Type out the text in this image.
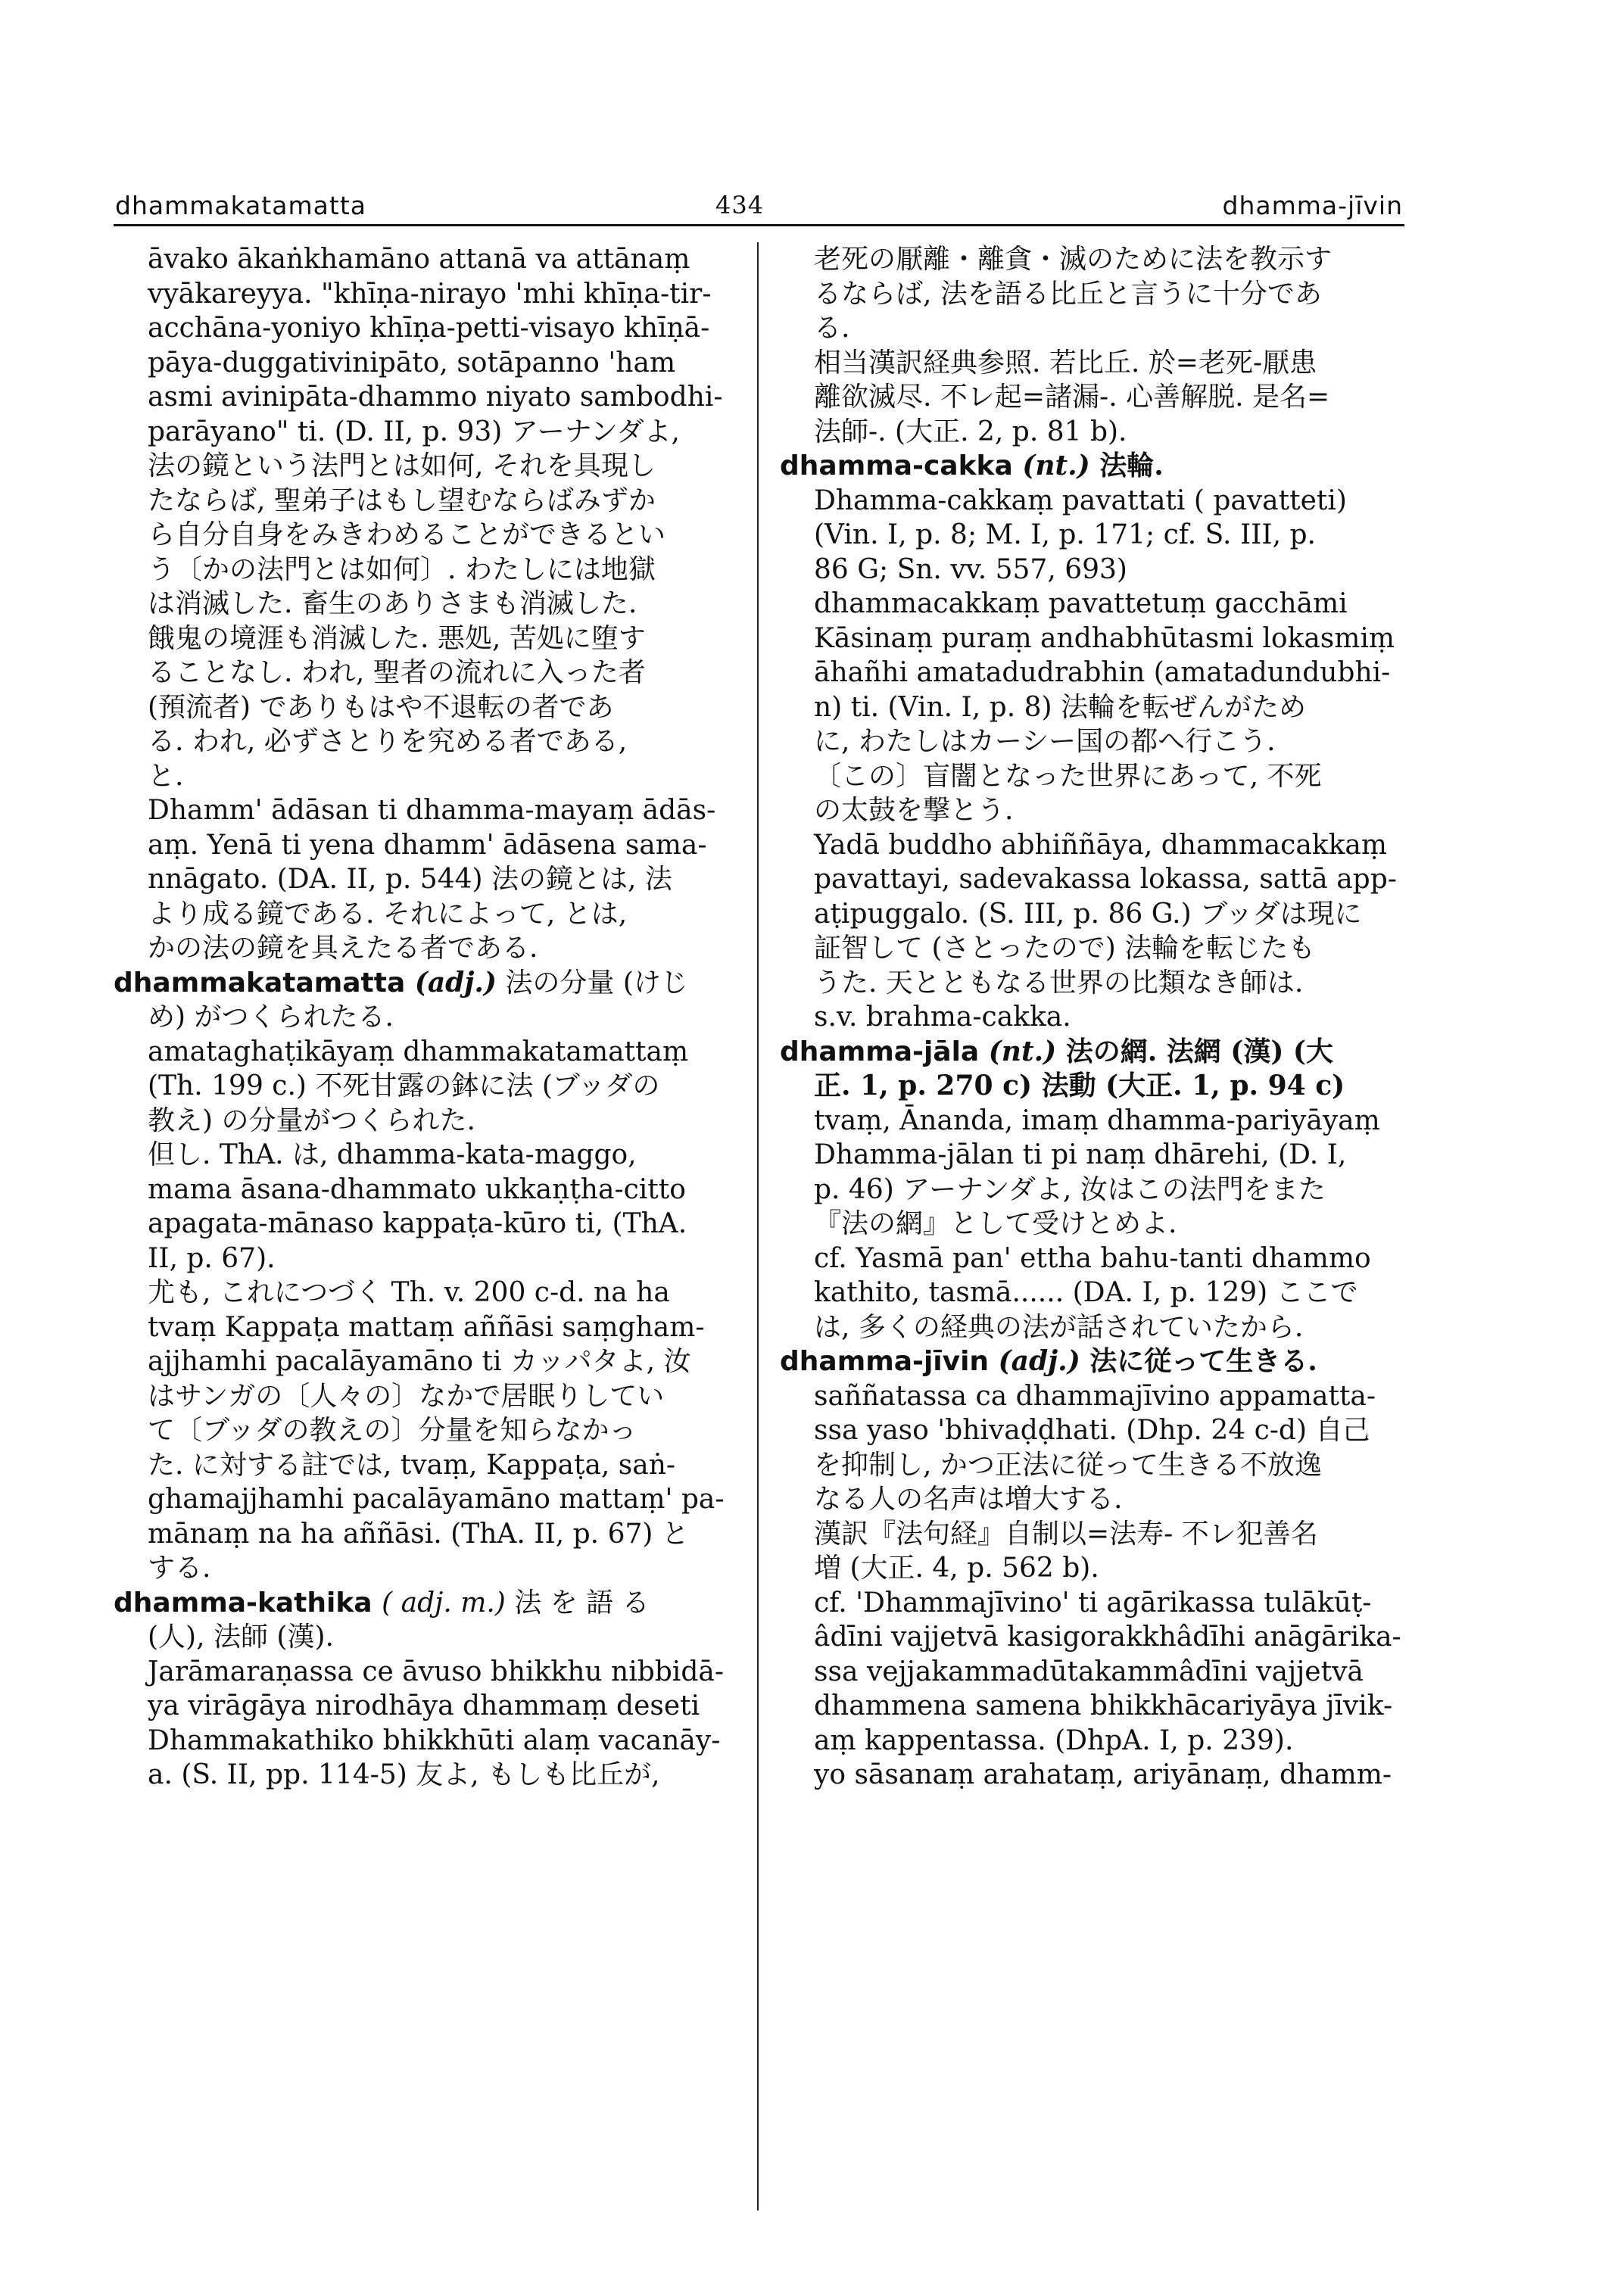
dhammakatamatta	434	dhamma-jīvin
āvako ākaṅkhamāno attanā va attānaṃ
vyākareyya. "khīṇa-nirayo 'mhi khīṇa-tir-
acchāna-yoniyo khīṇa-petti-visayo khīṇā-
pāya-duggativinipāto, sotāpanno 'ham
asmi avinipāta-dhammo niyato sambodhi-
parāyano" ti. (D. II, p. 93) アーナンダよ,
法の鏡という法門とは如何, それを具現し
たならば, 聖弟子はもし望むならばみずか
ら自分自身をみきわめることができるとい
う〔かの法門とは如何〕. わたしには地獄
は消滅した. 畜生のありさまも消滅した.
餓鬼の境涯も消滅した. 悪処, 苦処に堕す
ることなし. われ, 聖者の流れに入った者
(預流者) でありもはや不退転の者であ
る. われ, 必ずさとりを究める者である,
と.
Dhamm' ādāsan ti dhamma-mayaṃ ādās-
aṃ. Yenā ti yena dhamm' ādāsena sama-
nnāgato. (DA. II, p. 544) 法の鏡とは, 法
より成る鏡である. それによって, とは,
かの法の鏡を具えたる者である.
dhammakatamatta (adj.) 法の分量 (けじ
め) がつくられたる.
amataghaṭikāyaṃ dhammakatamattaṃ
(Th. 199 c.) 不死甘露の鉢に法 (ブッダの
教え) の分量がつくられた.
但し. ThA. は, dhamma-kata-maggo,
mama āsana-dhammato ukkaṇṭha-citto
apagata-mānaso kappaṭa-kūro ti, (ThA.
II, p. 67).
尤も, これにつづく Th. v. 200 c-d. na ha
tvaṃ Kappaṭa mattaṃ aññāsi saṃgham-
ajjhamhi pacalāyamāno ti カッパタよ, 汝
はサンガの〔人々の〕なかで居眠りしてい
て〔ブッダの教えの〕分量を知らなかっ
た. に対する註では, tvaṃ, Kappaṭa, saṅ-
ghamajjhamhi pacalāyamāno mattaṃ' pa-
mānaṃ na ha aññāsi. (ThA. II, p. 67) と
する.
dhamma-kathika ( adj. m.) 法 を 語 る
(人), 法師 (漢).
Jarāmaraṇassa ce āvuso bhikkhu nibbidā-
ya virāgāya nirodhāya dhammaṃ deseti
Dhammakathiko bhikkhūti alaṃ vacanāy-
a. (S. II, pp. 114-5) 友よ, もしも比丘が,
老死の厭離・離貪・滅のために法を教示す
るならば, 法を語る比丘と言うに十分であ
る.
相当漢訳経典参照. 若比丘. 於=老死-厭患
離欲滅尽. 不レ起=諸漏-. 心善解脱. 是名=
法師-. (大正. 2, p. 81 b).
dhamma-cakka (nt.) 法輪.
Dhamma-cakkaṃ pavattati ( pavatteti)
(Vin. I, p. 8; M. I, p. 171; cf. S. III, p.
86 G; Sn. vv. 557, 693)
dhammacakkaṃ pavattetuṃ gacchāmi
Kāsinaṃ puraṃ andhabhūtasmi lokasmiṃ
āhañhi amatadudrabhin (amatadundubhi-
n) ti. (Vin. I, p. 8) 法輪を転ぜんがため
に, わたしはカーシー国の都へ行こう.
〔この〕盲闇となった世界にあって, 不死
の太鼓を撃とう.
Yadā buddho abhiññāya, dhammacakkaṃ
pavattayi, sadevakassa lokassa, sattā app-
aṭipuggalo. (S. III, p. 86 G.) ブッダは現に
証智して (さとったので) 法輪を転じたも
うた. 天とともなる世界の比類なき師は.
s.v. brahma-cakka.
dhamma-jāla (nt.) 法の網. 法網 (漢) (大
正. 1, p. 270 c) 法動 (大正. 1, p. 94 c)
tvaṃ, Ānanda, imaṃ dhamma-pariyāyaṃ
Dhamma-jālan ti pi naṃ dhārehi, (D. I,
p. 46) アーナンダよ, 汝はこの法門をまた
『法の網』として受けとめよ.
cf. Yasmā pan' ettha bahu-tanti dhammo
kathito, tasmā...... (DA. I, p. 129) ここで
は, 多くの経典の法が話されていたから.
dhamma-jīvin (adj.) 法に従って生きる.
saññatassa ca dhammajīvino appamatta-
ssa yaso 'bhivaḍḍhati. (Dhp. 24 c-d) 自己
を抑制し, かつ正法に従って生きる不放逸
なる人の名声は増大する.
漢訳『法句経』自制以=法寿- 不レ犯善名
増 (大正. 4, p. 562 b).
cf. 'Dhammajīvino' ti agārikassa tulākūṭ-
âdīni vajjetvā kasigorakkhâdīhi anāgārika-
ssa vejjakammadūtakammâdīni vajjetvā
dhammena samena bhikkhācariyāya jīvik-
aṃ kappentassa. (DhpA. I, p. 239).
yo sāsanaṃ arahataṃ, ariyānaṃ, dhamm-
